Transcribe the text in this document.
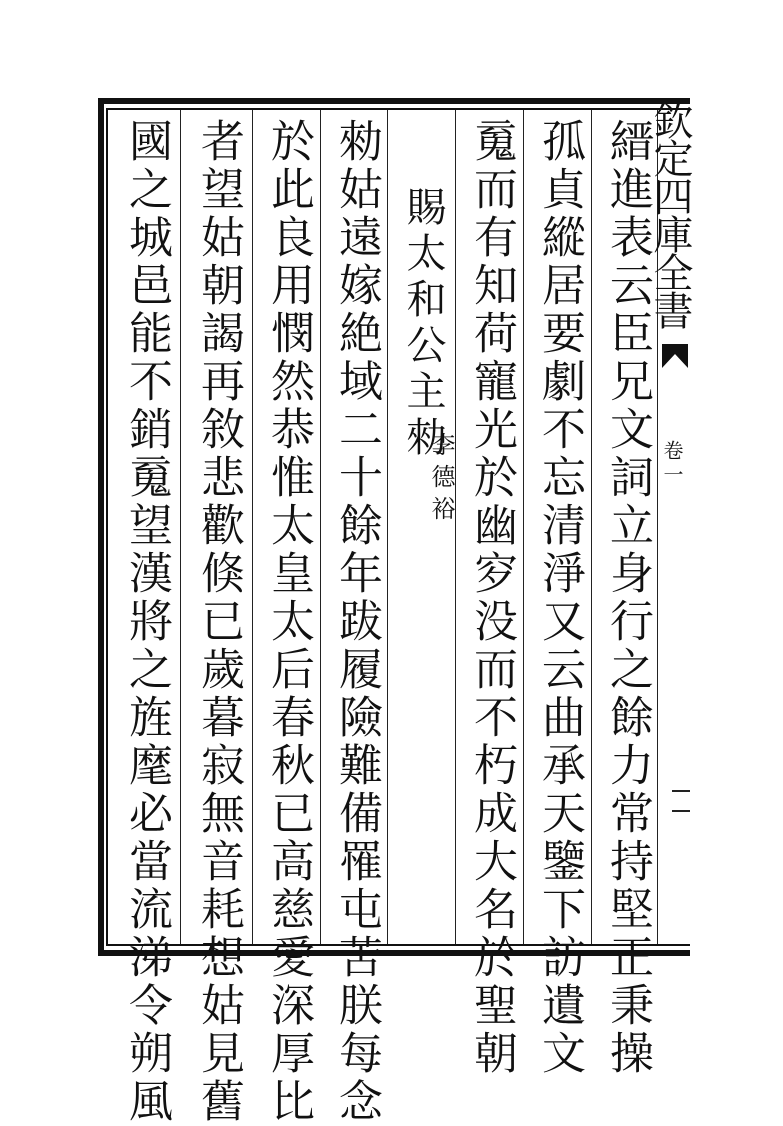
欽定四庫全書
卷一
縉進表云臣兄文詞立身行之餘力常持堅正秉操
孤貞縱居要劇不忘清淨又云曲承天鑒下訪遺文
䰟而有知荷寵光於幽穸没而不朽成大名於聖朝
賜太和公主勑
李德裕
勑姑遠嫁絶域二十餘年跋履險難備罹屯苦朕每念
於此良用憫然恭惟太皇太后春秋已高慈愛深厚比
者望姑朝謁再敘悲歡倏已歲暮寂無音耗想姑見舊
國之城邑能不銷䰟望漢將之旌麾必當流涕令朔風
